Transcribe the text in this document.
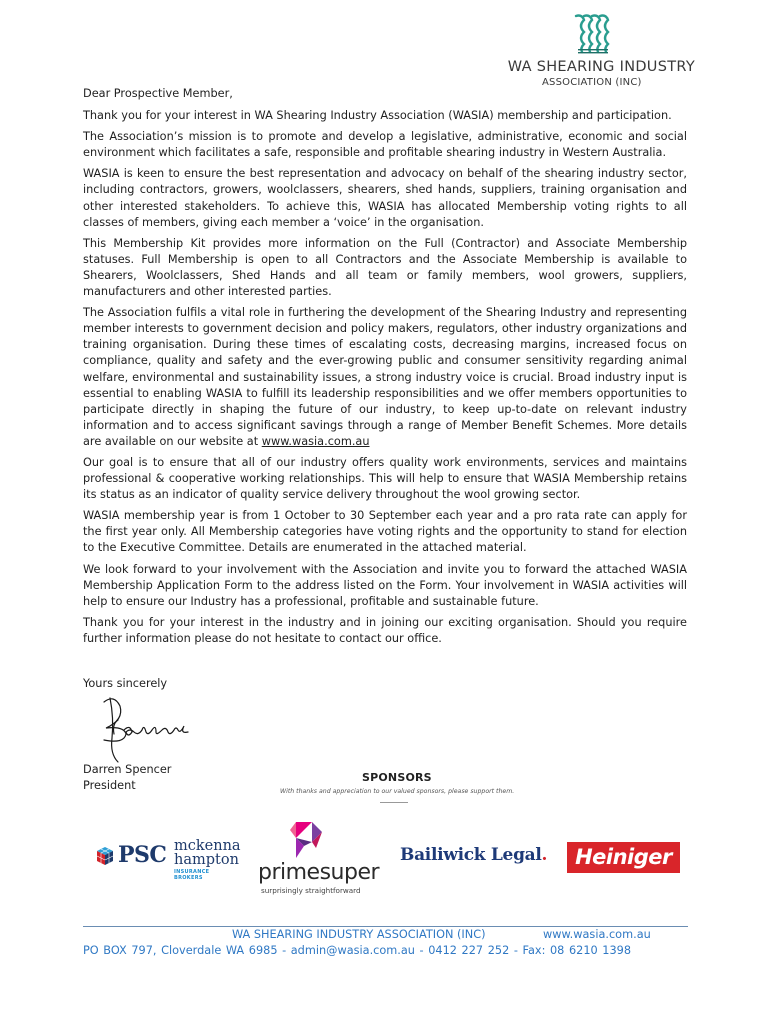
WA SHEARING INDUSTRY
ASSOCIATION (INC)

Dear Prospective Member,

Thank you for your interest in WA Shearing Industry Association (WASIA) membership and participation.

The Association’s mission is to promote and develop a legislative, administrative, economic and social environment which facilitates a safe, responsible and profitable shearing industry in Western Australia.

WASIA is keen to ensure the best representation and advocacy on behalf of the shearing industry sector, including contractors, growers, woolclassers, shearers, shed hands, suppliers, training organisation and other interested stakeholders. To achieve this, WASIA has allocated Membership voting rights to all classes of members, giving each member a ‘voice’ in the organisation.

This Membership Kit provides more information on the Full (Contractor) and Associate Membership statuses. Full Membership is open to all Contractors and the Associate Membership is available to Shearers, Woolclassers, Shed Hands and all team or family members, wool growers, suppliers, manufacturers and other interested parties.

The Association fulfils a vital role in furthering the development of the Shearing Industry and representing member interests to government decision and policy makers, regulators, other industry organizations and training organisation. During these times of escalating costs, decreasing margins, increased focus on compliance, quality and safety and the ever-growing public and consumer sensitivity regarding animal welfare, environmental and sustainability issues, a strong industry voice is crucial. Broad industry input is essential to enabling WASIA to fulfill its leadership responsibilities and we offer members opportunities to participate directly in shaping the future of our industry, to keep up-to-date on relevant industry information and to access significant savings through a range of Member Benefit Schemes. More details are available on our website at www.wasia.com.au

Our goal is to ensure that all of our industry offers quality work environments, services and maintains professional & cooperative working relationships. This will help to ensure that WASIA Membership retains its status as an indicator of quality service delivery throughout the wool growing sector.

WASIA membership year is from 1 October to 30 September each year and a pro rata rate can apply for the first year only. All Membership categories have voting rights and the opportunity to stand for election to the Executive Committee. Details are enumerated in the attached material.

We look forward to your involvement with the Association and invite you to forward the attached WASIA Membership Application Form to the address listed on the Form. Your involvement in WASIA activities will help to ensure our Industry has a professional, profitable and sustainable future.

Thank you for your interest in the industry and in joining our exciting organisation. Should you require further information please do not hesitate to contact our office.

Yours sincerely
Darren Spencer
President
SPONSORS
With thanks and appreciation to our valued sponsors, please support them.
PSC mckenna
hampton
INSURANCE BROKERS	primesuper
surprisingly straightforward
Bailiwick Legal.	Heiniger
WA SHEARING INDUSTRY ASSOCIATION (INC)	www.wasia.com.au
PO BOX 797, Cloverdale WA 6985 - admin@wasia.com.au - 0412 227 252 - Fax: 08 6210 1398
